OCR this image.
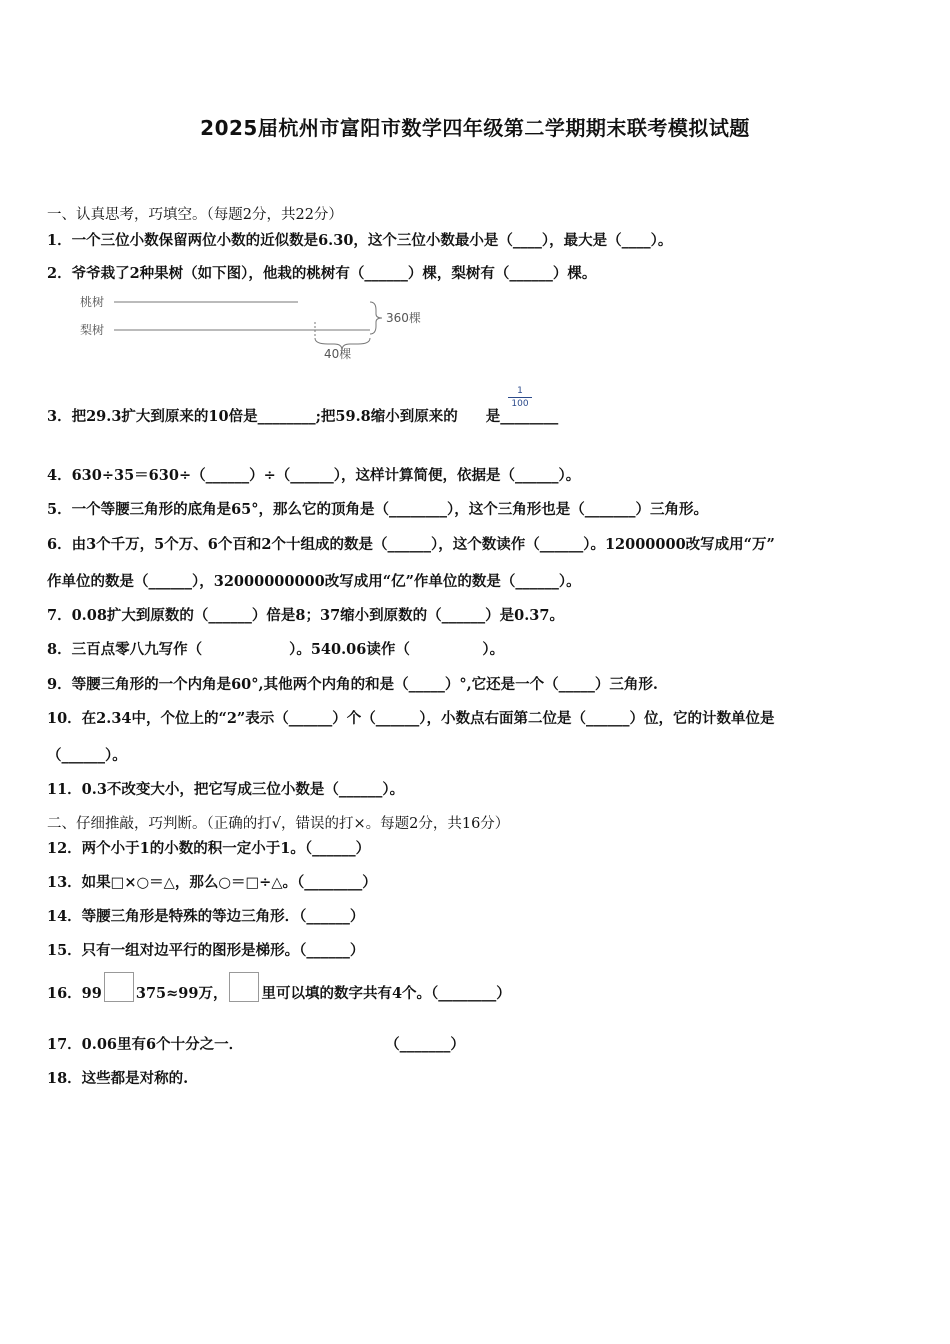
2025届杭州市富阳市数学四年级第二学期期末联考模拟试题
一、认真思考，巧填空。（每题2分，共22分）
1．一个三位小数保留两位小数的近似数是6.30，这个三位小数最小是（____），最大是（____）。
2．爷爷栽了2种果树（如下图），他栽的桃树有（______）棵，梨树有（______）棵。
桃树
梨树
40棵
360棵
3．把29.3扩大到原来的10倍是________;把59.8缩小到原来的 是________
1
100
4．630÷35＝630÷（______）÷（______），这样计算简便，依据是（______）。
5．一个等腰三角形的底角是65°，那么它的顶角是（________），这个三角形也是（_______）三角形。
6．由3个千万，5个万、6个百和2个十组成的数是（______），这个数读作（______）。12000000改写成用“万”
作单位的数是（______），32000000000改写成用“亿”作单位的数是（______）。
7．0.08扩大到原数的（______）倍是8；37缩小到原数的（______）是0.37。
8．三百点零八九写作（　　　　　　）。540.06读作（　　　　　）。
9．等腰三角形的一个内角是60°,其他两个内角的和是（_____）°,它还是一个（_____）三角形.
10．在2.34中，个位上的“2”表示（______）个（______），小数点右面第二位是（______）位，它的计数单位是
（______）。
11．0.3不改变大小，把它写成三位小数是（______）。
二、仔细推敲，巧判断。（正确的打√，错误的打×。每题2分，共16分）
12．两个小于1的小数的积一定小于1。（______）
13．如果□×○＝△，那么○＝□÷△。（________）
14．等腰三角形是特殊的等边三角形．（______）
15．只有一组对边平行的图形是梯形。（______）
16．99 375≈99万， 里可以填的数字共有4个。（________）
17．0.06里有6个十分之一．	（_______）
18．这些都是对称的.
